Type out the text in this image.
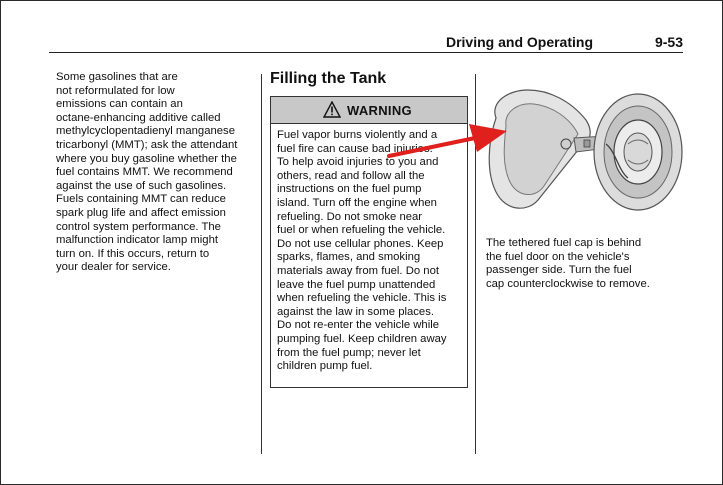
Driving and Operating	9-53
Some gasolines that are
not reformulated for low
emissions can contain an
octane-enhancing additive called
methylcyclopentadienyl manganese
tricarbonyl (MMT); ask the attendant
where you buy gasoline whether the
fuel contains MMT. We recommend
against the use of such gasolines.
Fuels containing MMT can reduce
spark plug life and affect emission
control system performance. The
malfunction indicator lamp might
turn on. If this occurs, return to
your dealer for service.
Filling the Tank
WARNING
Fuel vapor burns violently and a
fuel fire can cause bad injuries.
To help avoid injuries to you and
others, read and follow all the
instructions on the fuel pump
island. Turn off the engine when
refueling. Do not smoke near
fuel or when refueling the vehicle.
Do not use cellular phones. Keep
sparks, flames, and smoking
materials away from fuel. Do not
leave the fuel pump unattended
when refueling the vehicle. This is
against the law in some places.
Do not re-enter the vehicle while
pumping fuel. Keep children away
from the fuel pump; never let
children pump fuel.
The tethered fuel cap is behind
the fuel door on the vehicle's
passenger side. Turn the fuel
cap counterclockwise to remove.
